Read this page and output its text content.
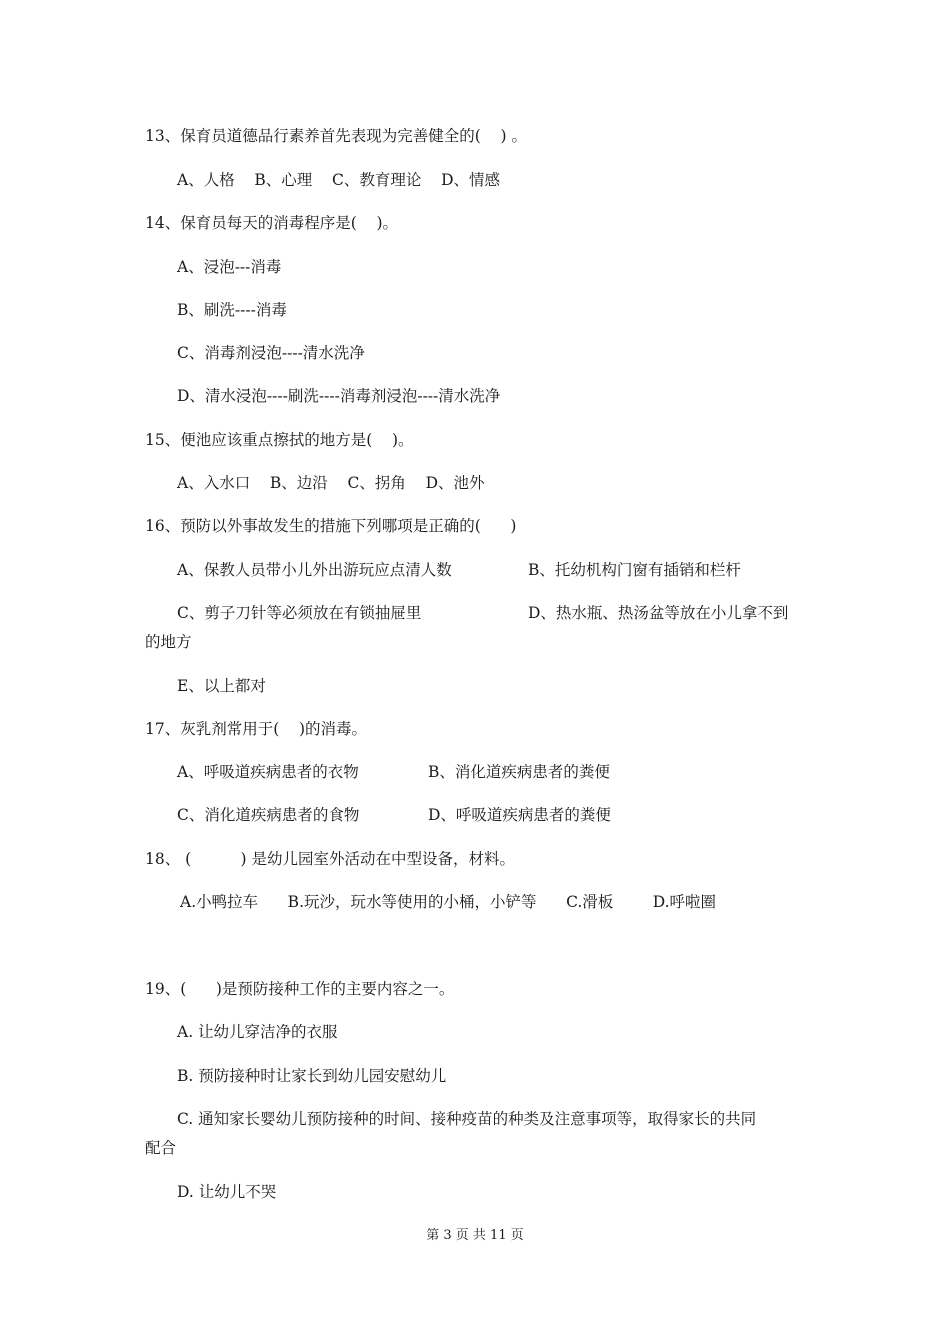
13、保育员道德品行素养首先表现为完善健全的(    ) 。
A、人格    B、心理    C、教育理论    D、情感
14、保育员每天的消毒程序是(    )。
A、浸泡---消毒
B、刷洗----消毒
C、消毒剂浸泡----清水洗净
D、清水浸泡----刷洗----消毒剂浸泡----清水洗净
15、便池应该重点擦拭的地方是(    )。
A、入水口    B、边沿    C、拐角    D、池外
16、预防以外事故发生的措施下列哪项是正确的(      )
A、保教人员带小儿外出游玩应点清人数	B、托幼机构门窗有插销和栏杆
C、剪子刀针等必须放在有锁抽屉里	D、热水瓶、热汤盆等放在小儿拿不到
的地方
E、以上都对
17、灰乳剂常用于(    )的消毒。
A、呼吸道疾病患者的衣物	B、消化道疾病患者的粪便
C、消化道疾病患者的食物	D、呼吸道疾病患者的粪便
18、 (          ) 是幼儿园室外活动在中型设备，材料。
A.小鸭拉车      B.玩沙，玩水等使用的小桶，小铲等      C.滑板        D.呼啦圈
19、(      )是预防接种工作的主要内容之一。
A. 让幼儿穿洁净的衣服
B. 预防接种时让家长到幼儿园安慰幼儿
C. 通知家长婴幼儿预防接种的时间、接种疫苗的种类及注意事项等，取得家长的共同
配合
D. 让幼儿不哭
第 3 页 共 11 页
